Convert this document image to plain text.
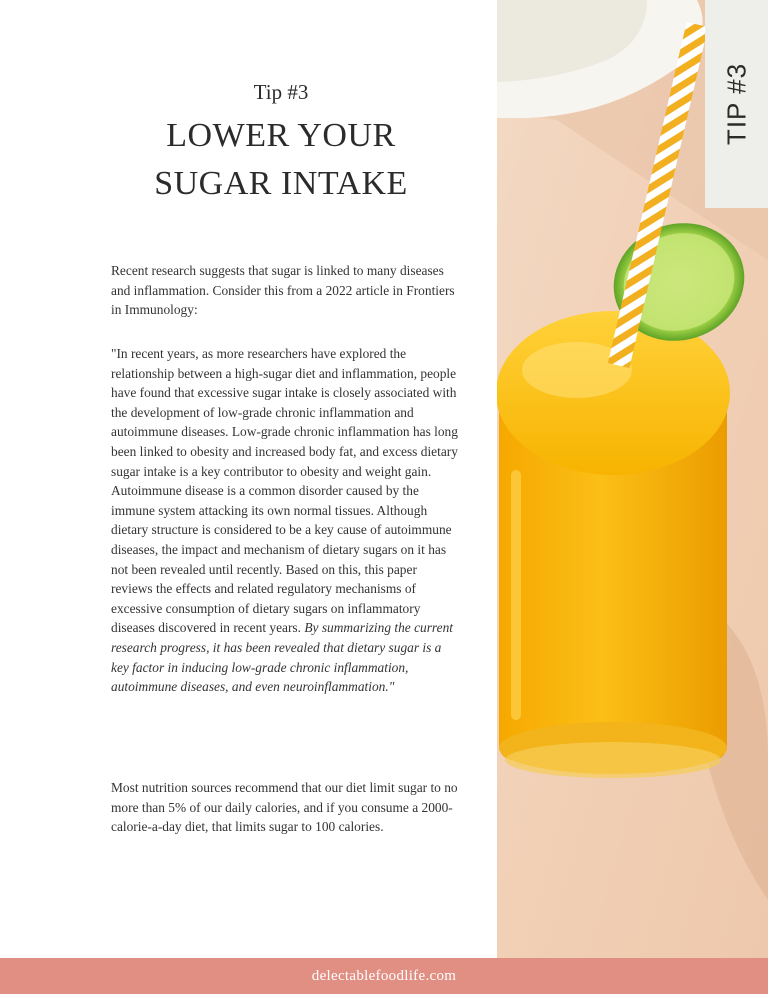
Tip #3
LOWER YOUR
SUGAR INTAKE
Recent research suggests that sugar is linked to many diseases and inflammation. Consider this from a 2022 article in Frontiers in Immunology:
"In recent years, as more researchers have explored the relationship between a high-sugar diet and inflammation, people have found that excessive sugar intake is closely associated with the development of low-grade chronic inflammation and autoimmune diseases. Low-grade chronic inflammation has long been linked to obesity and increased body fat, and excess dietary sugar intake is a key contributor to obesity and weight gain. Autoimmune disease is a common disorder caused by the immune system attacking its own normal tissues. Although dietary structure is considered to be a key cause of autoimmune diseases, the impact and mechanism of dietary sugars on it has not been revealed until recently. Based on this, this paper reviews the effects and related regulatory mechanisms of excessive consumption of dietary sugars on inflammatory diseases discovered in recent years. By summarizing the current research progress, it has been revealed that dietary sugar is a key factor in inducing low-grade chronic inflammation, autoimmune diseases, and even neuroinflammation."
Most nutrition sources recommend that our diet limit sugar to no more than 5% of our daily calories, and if you consume a 2000-calorie-a-day diet, that limits sugar to 100 calories.
TIP #3
delectablefoodlife.com
